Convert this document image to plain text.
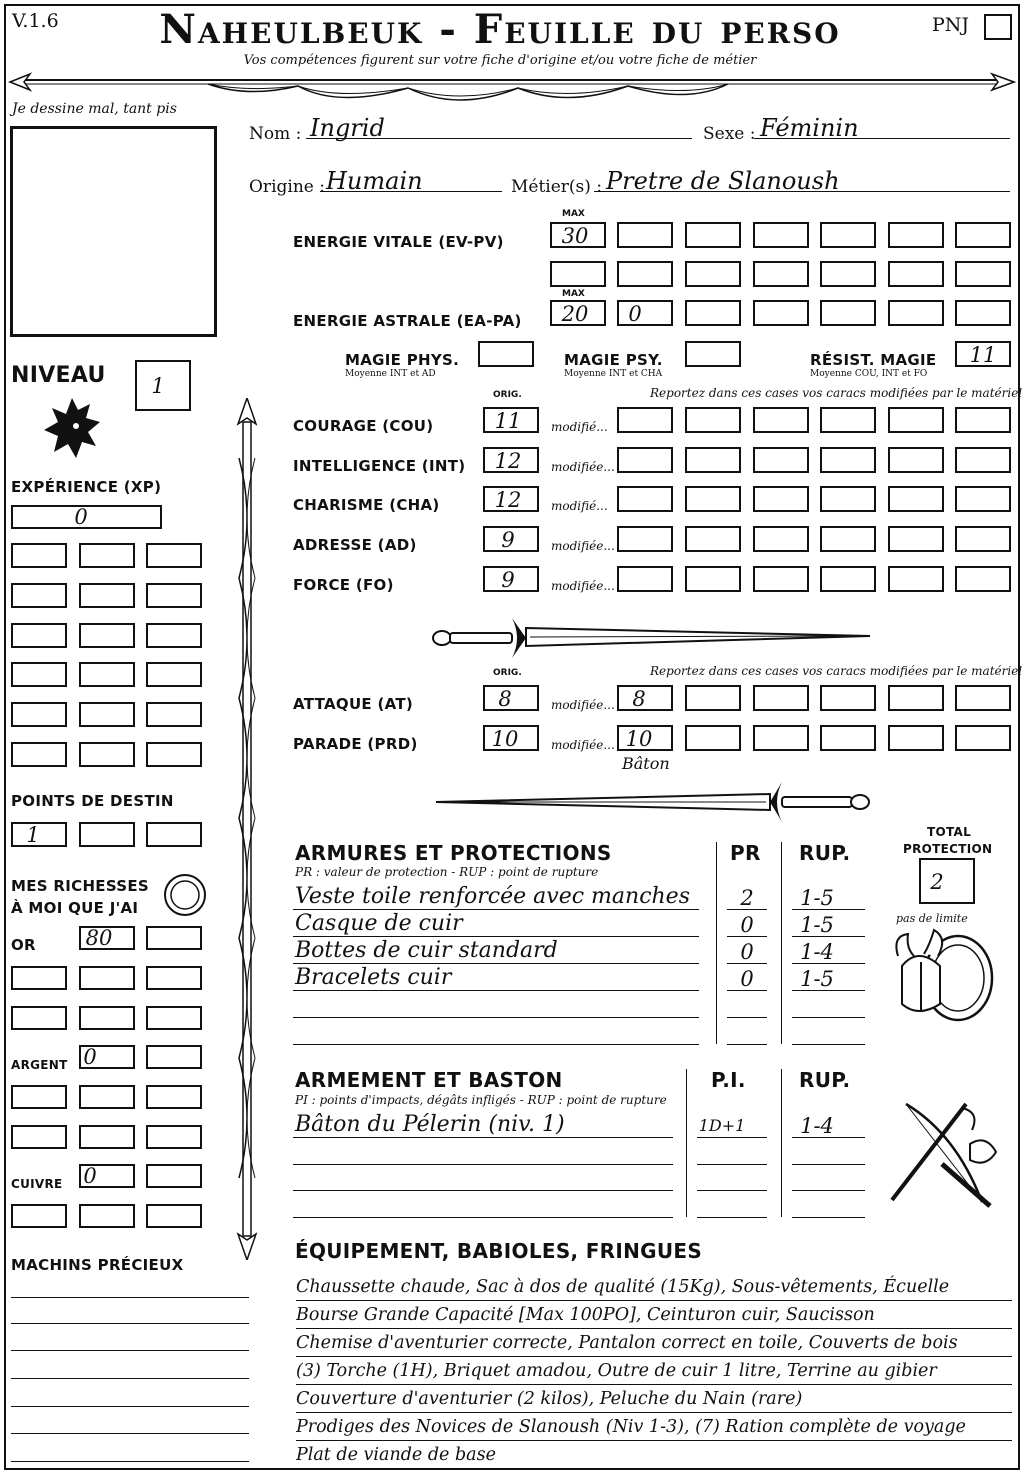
V.1.6	Naheulbeuk - Feuille du perso
Vos compétences figurent sur votre fiche d'origine et/ou votre fiche de métier
PNJ
Je dessine mal, tant pis
Nom : Ingrid	Sexe : Féminin
Origine : Humain	Métier(s) : Pretre de Slanoush
MAX
ENERGIE VITALE (EV-PV)	30
MAX
ENERGIE ASTRALE (EA-PA)	20	0
MAGIE PHYS.
Moyenne INT et AD
MAGIE PSY.
Moyenne INT et CHA
RÉSIST. MAGIE
Moyenne COU, INT et FO
11
ORIG.	Reportez dans ces cases vos caracs modifiées par le matériel
COURAGE (COU)	11	modifié...
INTELLIGENCE (INT)	12	modifiée...
CHARISME (CHA)	12	modifié...
ADRESSE (AD)	9	modifiée...
FORCE (FO)	9	modifiée...
ORIG.	Reportez dans ces cases vos caracs modifiées par le matériel
ATTAQUE (AT)	8	modifiée... 8
PARADE (PRD)	10	modifiée... 10
Bâton
NIVEAU	1
EXPÉRIENCE (XP)
0
POINTS DE DESTIN
1
MES RICHESSES
À MOI QUE J'AI
OR	80
ARGENT 0
CUIVRE 0
MACHINS PRÉCIEUX
ARMURES ET PROTECTIONS
PR : valeur de protection - RUP : point de rupture
PR RUP.
Veste toile renforcée avec manches	2	1-5
Casque de cuir	0	1-5
Bottes de cuir standard	0	1-4
Bracelets cuir	0	1-5
TOTAL
PROTECTION
2
pas de limite
ARMEMENT ET BASTON
PI : points d'impacts, dégâts infligés - RUP : point de rupture
P.I.	RUP.
Bâton du Pélerin (niv. 1)	1D+1	1-4
ÉQUIPEMENT, BABIOLES, FRINGUES
Chaussette chaude, Sac à dos de qualité (15Kg), Sous-vêtements, Écuelle
Bourse Grande Capacité [Max 100PO], Ceinturon cuir, Saucisson
Chemise d'aventurier correcte, Pantalon correct en toile, Couverts de bois
(3) Torche (1H), Briquet amadou, Outre de cuir 1 litre, Terrine au gibier
Couverture d'aventurier (2 kilos), Peluche du Nain (rare)
Prodiges des Novices de Slanoush (Niv 1-3), (7) Ration complète de voyage
Plat de viande de base
